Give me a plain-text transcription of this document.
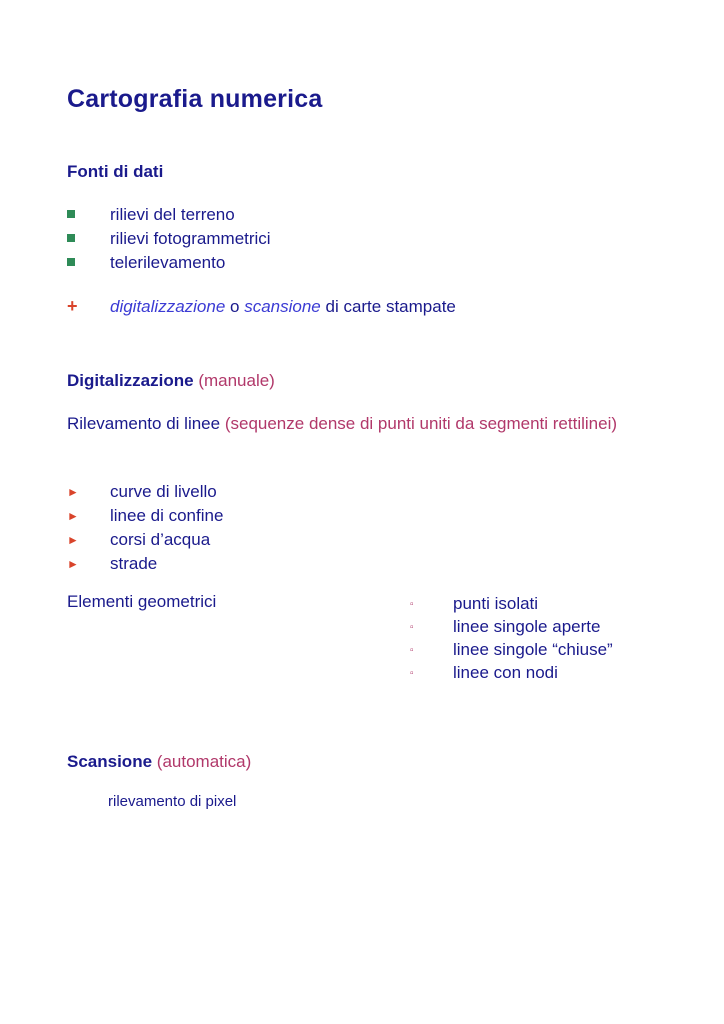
Cartografia numerica
Fonti di dati
rilievi del terreno
rilievi fotogrammetrici
telerilevamento
+	digitalizzazione o scansione di carte stampate
Digitalizzazione (manuale)
Rilevamento di linee (sequenze dense di punti uniti da segmenti rettilinei)
► curve di livello
► linee di confine
► corsi d’acqua
► strade
Elementi geometrici	▫ punti isolati
▫ linee singole aperte
▫ linee singole “chiuse”
▫ linee con nodi
Scansione (automatica)
rilevamento di pixel
